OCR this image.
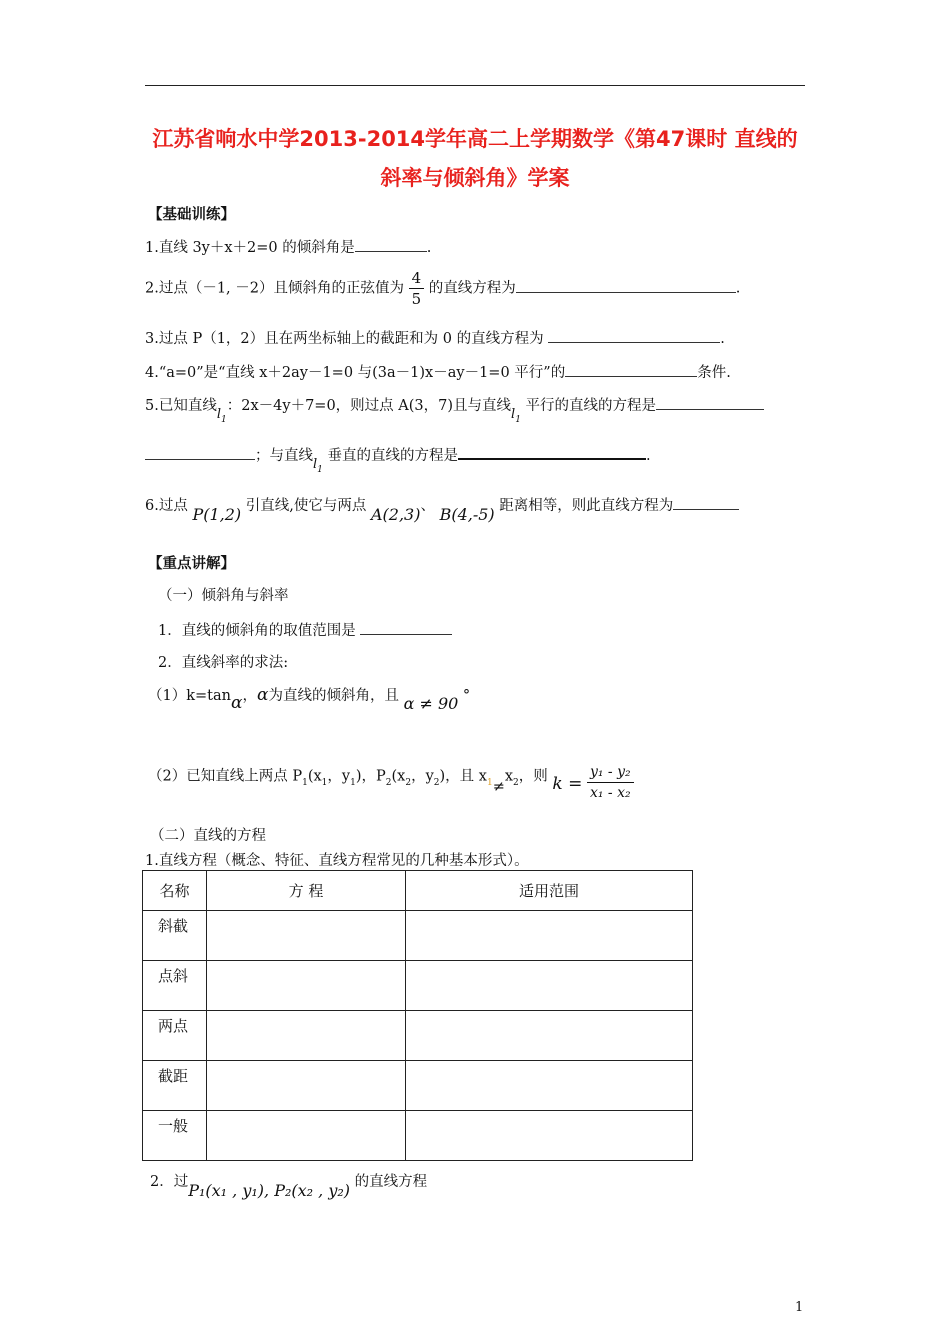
江苏省响水中学2013-2014学年高二上学期数学《第47课时 直线的
斜率与倾斜角》学案
【基础训练】
1.直线 3y＋x＋2=0 的倾斜角是	.
2.过点（－1, －2）且倾斜角的正弦值为 $\frac{4}{5}$ 的直线方程为	.
3.过点 P（1，2）且在两坐标轴上的截距和为 0 的直线方程为	.
4.“a=0”是“直线 x＋2ay－1=0 与(3a－1)x－ay－1=0 平行”的	条件.
5.已知直线$l_1$：2x－4y＋7=0，则过点 A(3，7)且与直线$l_1$ 平行的直线的方程是
；与直线$l_1$ 垂直的直线的方程是	.
6.过点 P(1,2) 引直线,使它与两点 A(2,3)、 B(4,-5) 距离相等，则此直线方程为
【重点讲解】
（一）倾斜角与斜率
1．直线的倾斜角的取值范围是
2．直线斜率的求法:
（1）k=tanα，α为直线的倾斜角，且 α ≠ 90 °
（2）已知直线上两点 $P_1(x_1$，$y_1$)，$P_2(x_2$，$y_2$)，且 $x_1\ne x_2$，则 $k = \frac{\text{y₁ - y₂}}{\text{x₁ - x₂}}$
（二）直线的方程
1.直线方程（概念、特征、直线方程常见的几种基本形式）。
名称	方 程	适用范围
斜截		
点斜		
两点		
截距		
一般		
2．过P₁(x₁ , y₁), P₂(x₂ , y₂) 的直线方程
1
